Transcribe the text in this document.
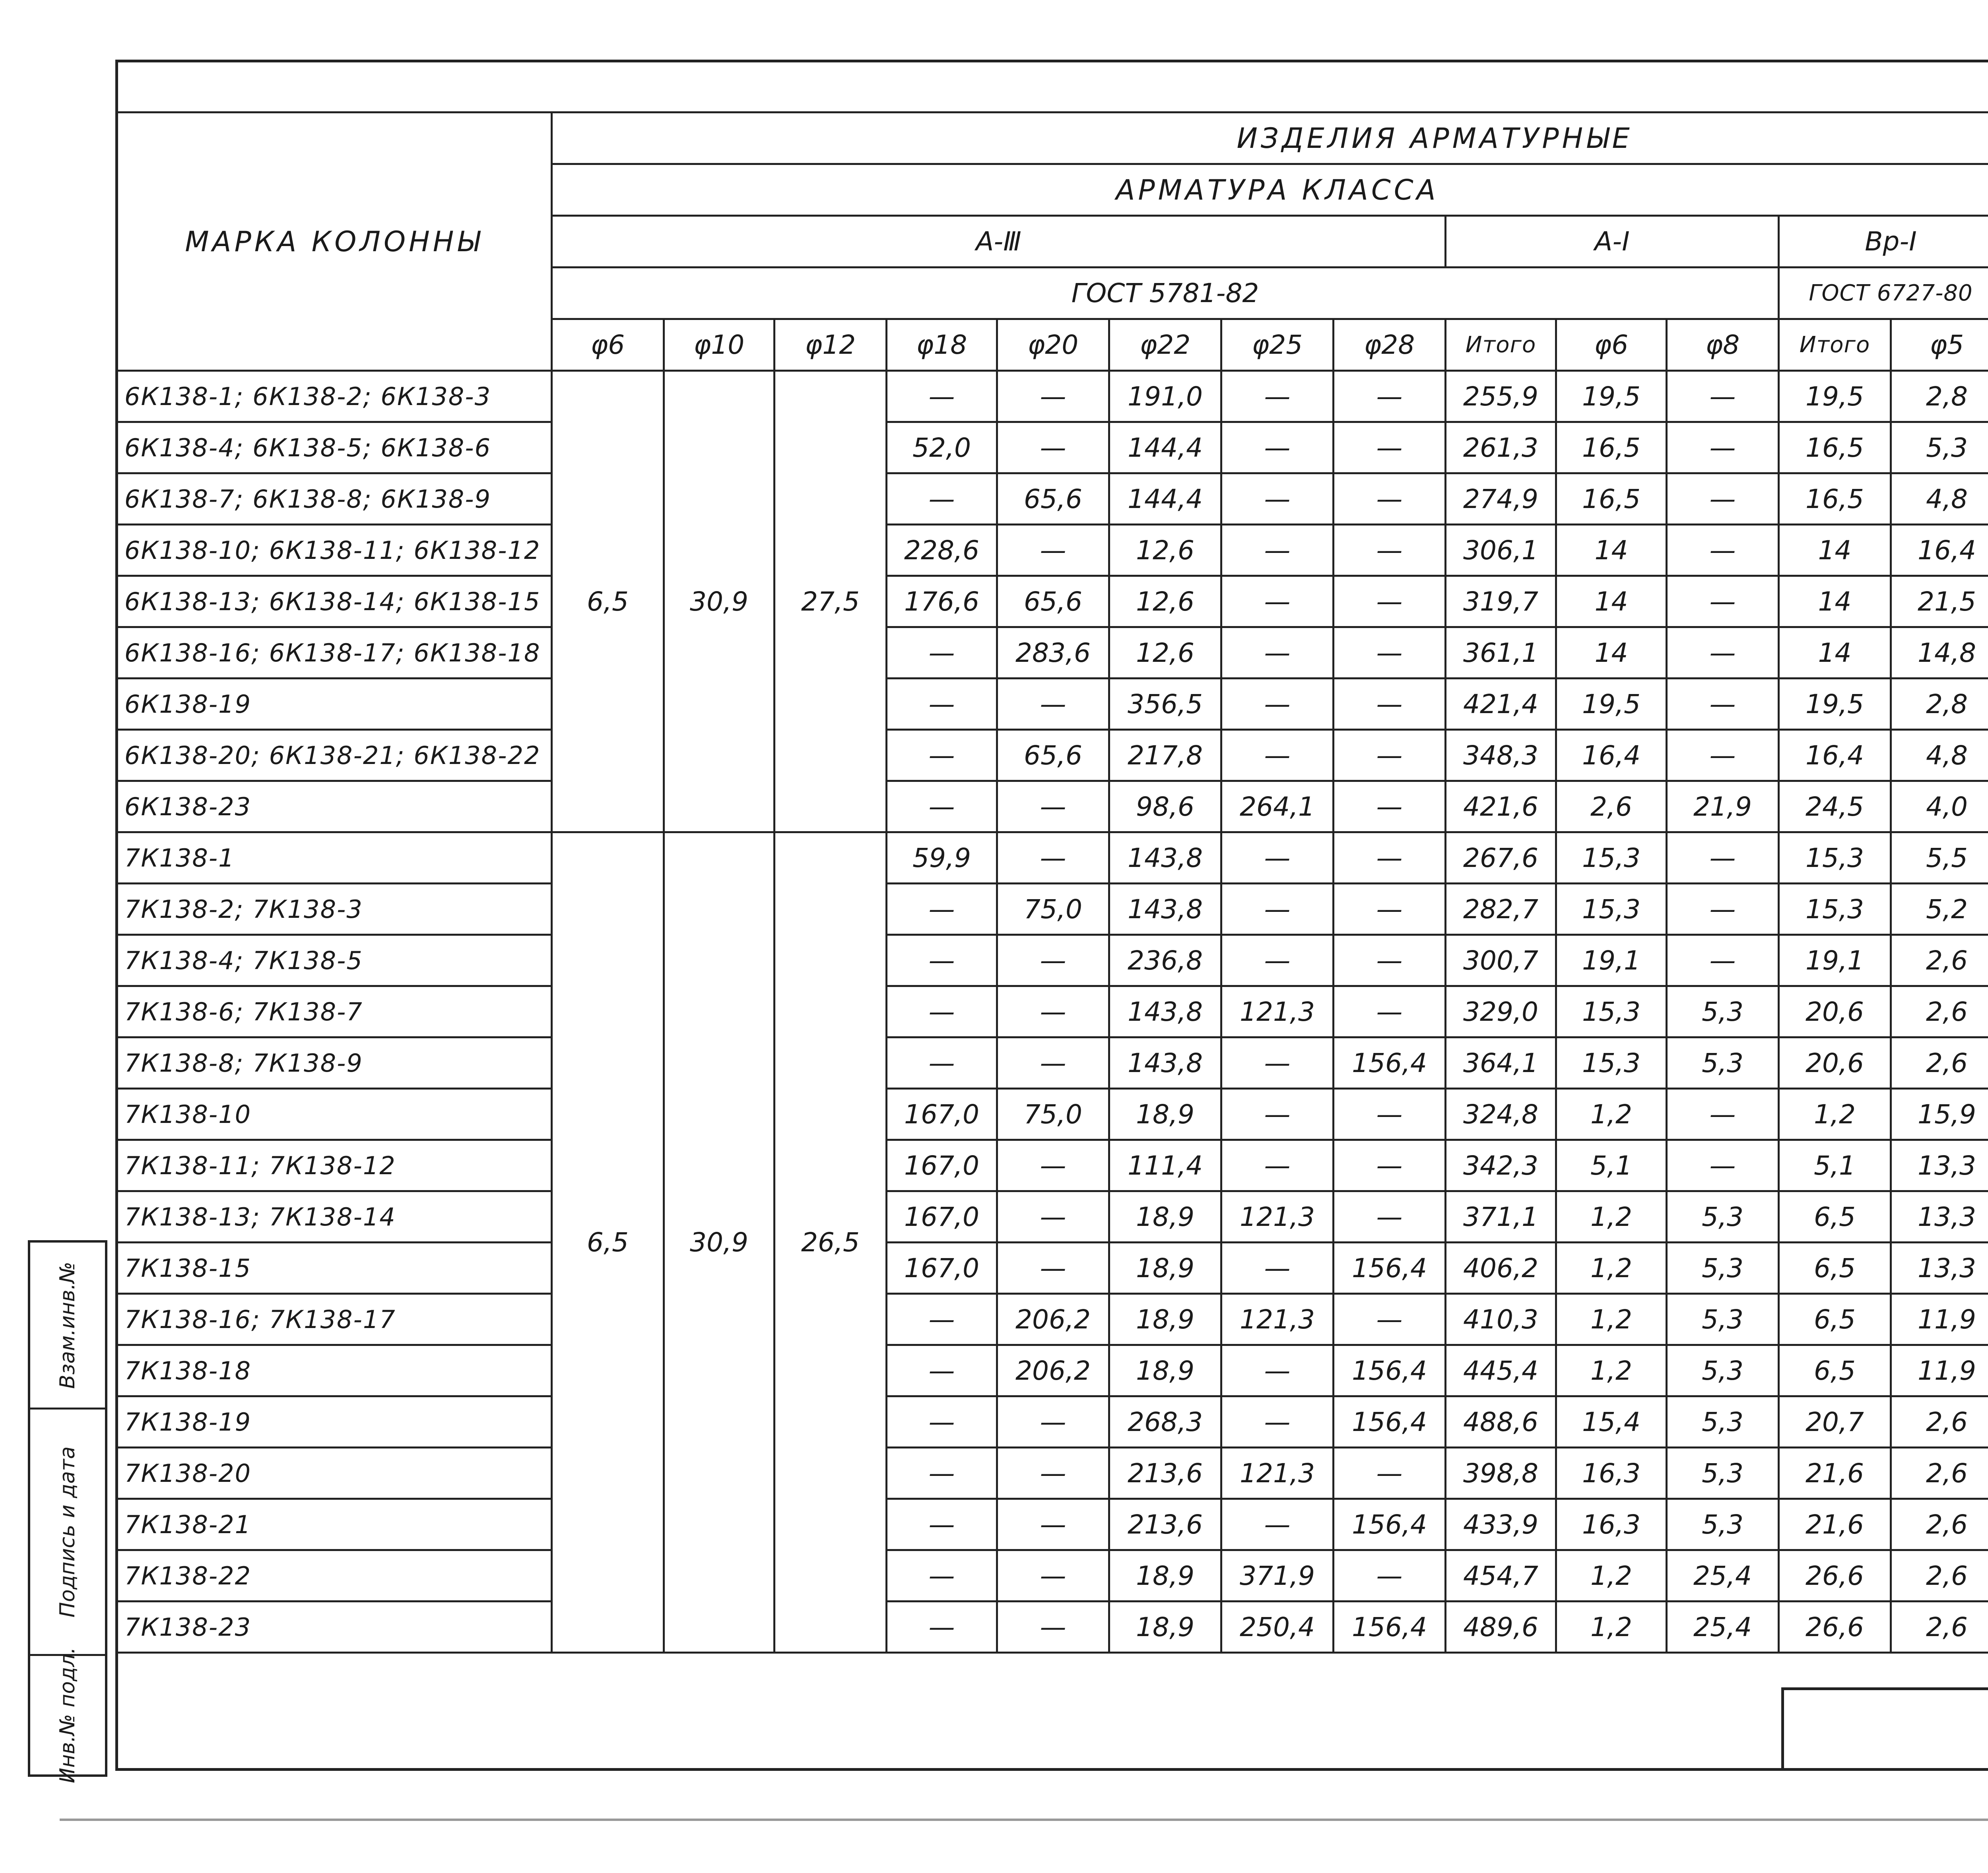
МАРКА КОЛОННЫ	ИЗДЕЛИЯ АРМАТУРНЫЕ	
	АРМАТУРА КЛАССА		
	А-Ⅲ								А-Ⅰ			Вр-Ⅰ	
	ГОСТ 5781-82											ГОСТ 6727-80	
	φ6	φ10	φ12	φ18	φ20	φ22	φ25	φ28	Итого	φ6	φ8	Итого	φ5			
6К138-1; 6К138-2; 6К138-3	6,5	30,9	27,5	—	—	191,0	—	—	255,9	19,5	—	19,5	2,8					
6К138-4; 6К138-5; 6К138-6				52,0	—	144,4	—	—	261,3	16,5	—	16,5	5,3			
6К138-7; 6К138-8; 6К138-9				—	65,6	144,4	—	—	274,9	16,5	—	16,5	4,8			
6К138-10; 6К138-11; 6К138-12				228,6	—	12,6	—	—	306,1	14	—	14	16,4			
6К138-13; 6К138-14; 6К138-15				176,6	65,6	12,6	—	—	319,7	14	—	14	21,5			
6К138-16; 6К138-17; 6К138-18				—	283,6	12,6	—	—	361,1	14	—	14	14,8			
6К138-19				—	—	356,5	—	—	421,4	19,5	—	19,5	2,8			
6К138-20; 6К138-21; 6К138-22				—	65,6	217,8	—	—	348,3	16,4	—	16,4	4,8			
6К138-23				—	—	98,6	264,1	—	421,6	2,6	21,9	24,5	4,0			
7К138-1	6,5	30,9	26,5	59,9	—	143,8	—	—	267,6	15,3	—	15,3	5,5			
7К138-2; 7К138-3				—	75,0	143,8	—	—	282,7	15,3	—	15,3	5,2			
7К138-4; 7К138-5				—	—	236,8	—	—	300,7	19,1	—	19,1	2,6			
7К138-6; 7К138-7				—	—	143,8	121,3	—	329,0	15,3	5,3	20,6	2,6			
7К138-8; 7К138-9				—	—	143,8	—	156,4	364,1	15,3	5,3	20,6	2,6			
7К138-10				167,0	75,0	18,9	—	—	324,8	1,2	—	1,2	15,9			
7К138-11; 7К138-12				167,0	—	111,4	—	—	342,3	5,1	—	5,1	13,3			
7К138-13; 7К138-14				167,0	—	18,9	121,3	—	371,1	1,2	5,3	6,5	13,3			
7К138-15				167,0	—	18,9	—	156,4	406,2	1,2	5,3	6,5	13,3			
7К138-16; 7К138-17				—	206,2	18,9	121,3	—	410,3	1,2	5,3	6,5	11,9			
7К138-18				—	206,2	18,9	—	156,4	445,4	1,2	5,3	6,5	11,9			
7К138-19				—	—	268,3	—	156,4	488,6	15,4	5,3	20,7	2,6			
7К138-20				—	—	213,6	121,3	—	398,8	16,3	5,3	21,6	2,6			
7К138-21				—	—	213,6	—	156,4	433,9	16,3	5,3	21,6	2,6			
7К138-22				—	—	18,9	371,9	—	454,7	1,2	25,4	26,6	2,6			
7К138-23				—	—	18,9	250,4	156,4	489,6	1,2	25,4	26,6	2,6			
Взам.инв.№
Подпись и дата
Инв.№ подл.
